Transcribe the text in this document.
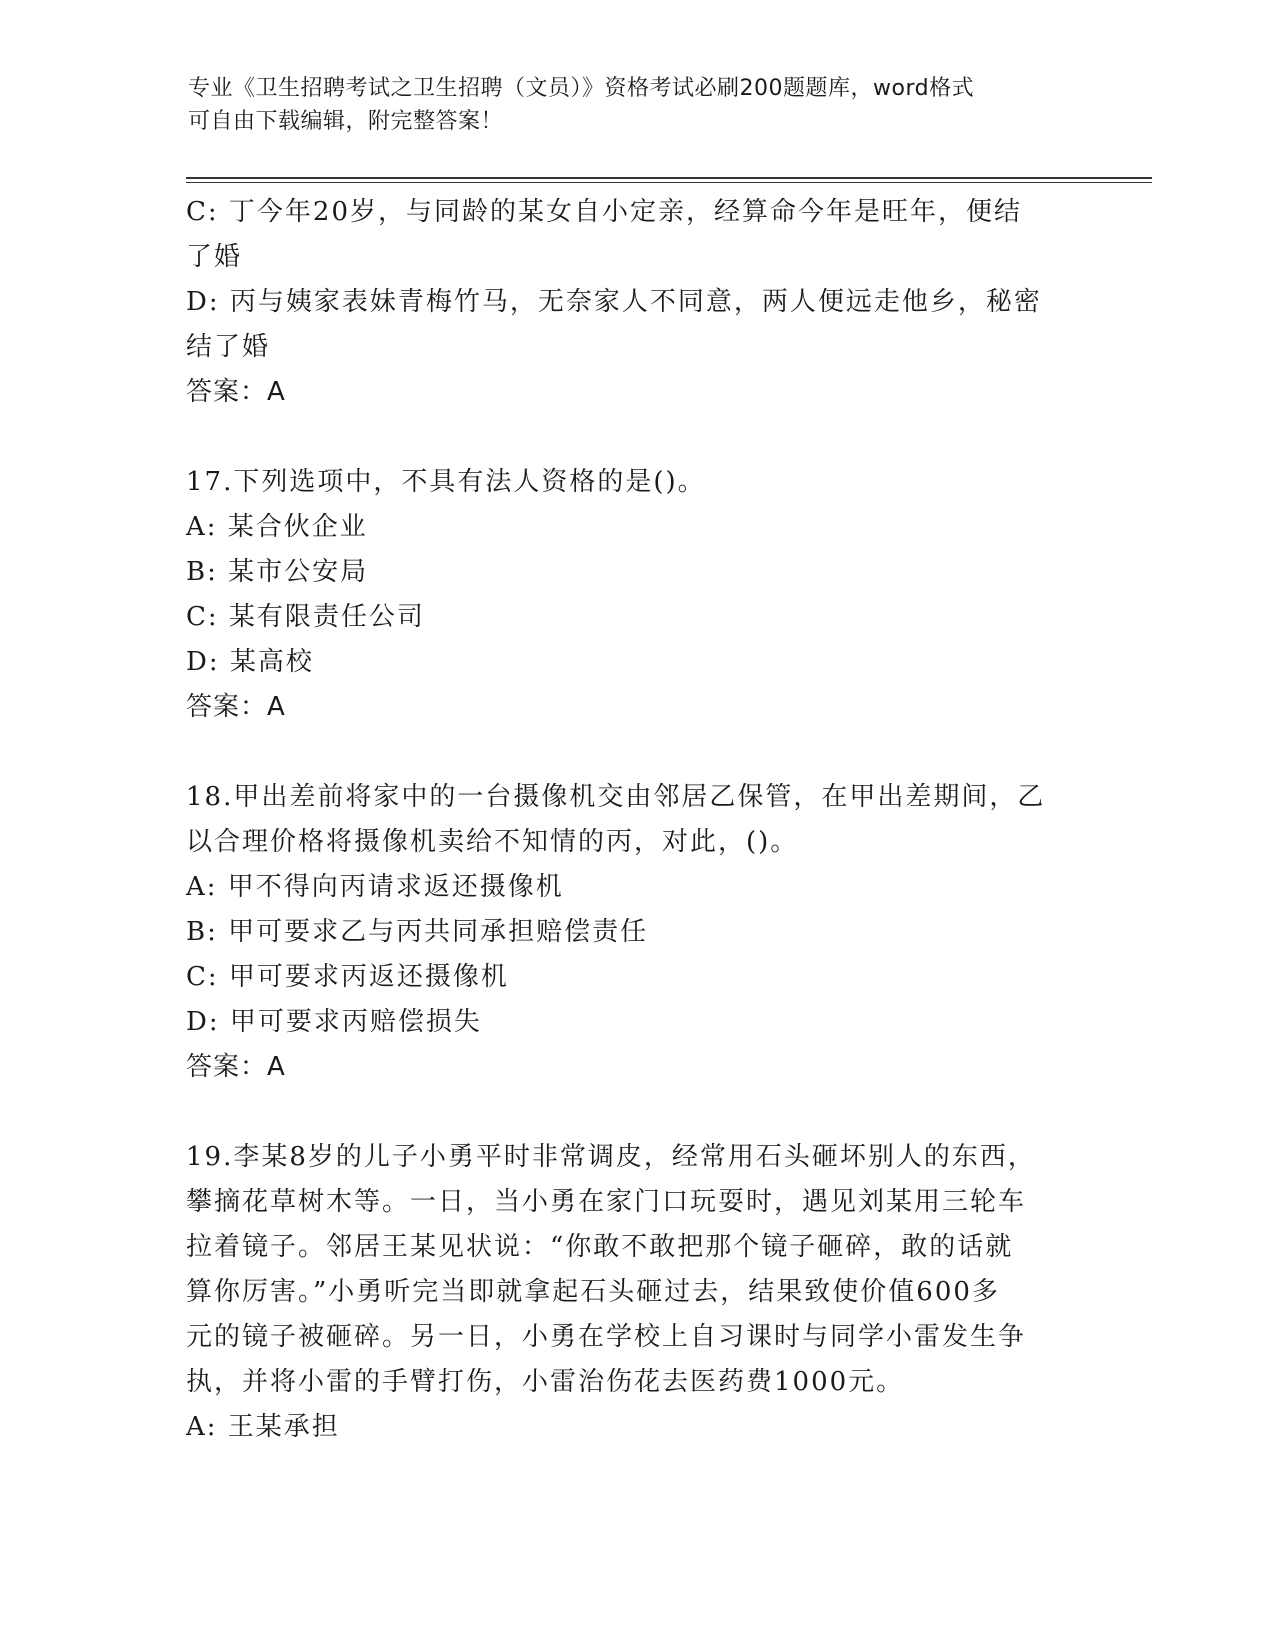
专业《卫生招聘考试之卫生招聘（文员）》资格考试必刷200题题库，word格式
可自由下载编辑，附完整答案！

C: 丁今年20岁，与同龄的某女自小定亲，经算命今年是旺年，便结

了婚

D: 丙与姨家表妹青梅竹马，无奈家人不同意，两人便远走他乡，秘密

结了婚

答案：A

17.下列选项中，不具有法人资格的是()。

A: 某合伙企业

B: 某市公安局

C: 某有限责任公司

D: 某高校

答案：A

18.甲出差前将家中的一台摄像机交由邻居乙保管，在甲出差期间，乙

以合理价格将摄像机卖给不知情的丙，对此，()。

A: 甲不得向丙请求返还摄像机

B: 甲可要求乙与丙共同承担赔偿责任

C: 甲可要求丙返还摄像机

D: 甲可要求丙赔偿损失

答案：A

19.李某8岁的儿子小勇平时非常调皮，经常用石头砸坏别人的东西，

攀摘花草树木等。一日，当小勇在家门口玩耍时，遇见刘某用三轮车

拉着镜子。邻居王某见状说：“你敢不敢把那个镜子砸碎，敢的话就

算你厉害。”小勇听完当即就拿起石头砸过去，结果致使价值600多

元的镜子被砸碎。另一日，小勇在学校上自习课时与同学小雷发生争

执，并将小雷的手臂打伤，小雷治伤花去医药费1000元。

A: 王某承担
